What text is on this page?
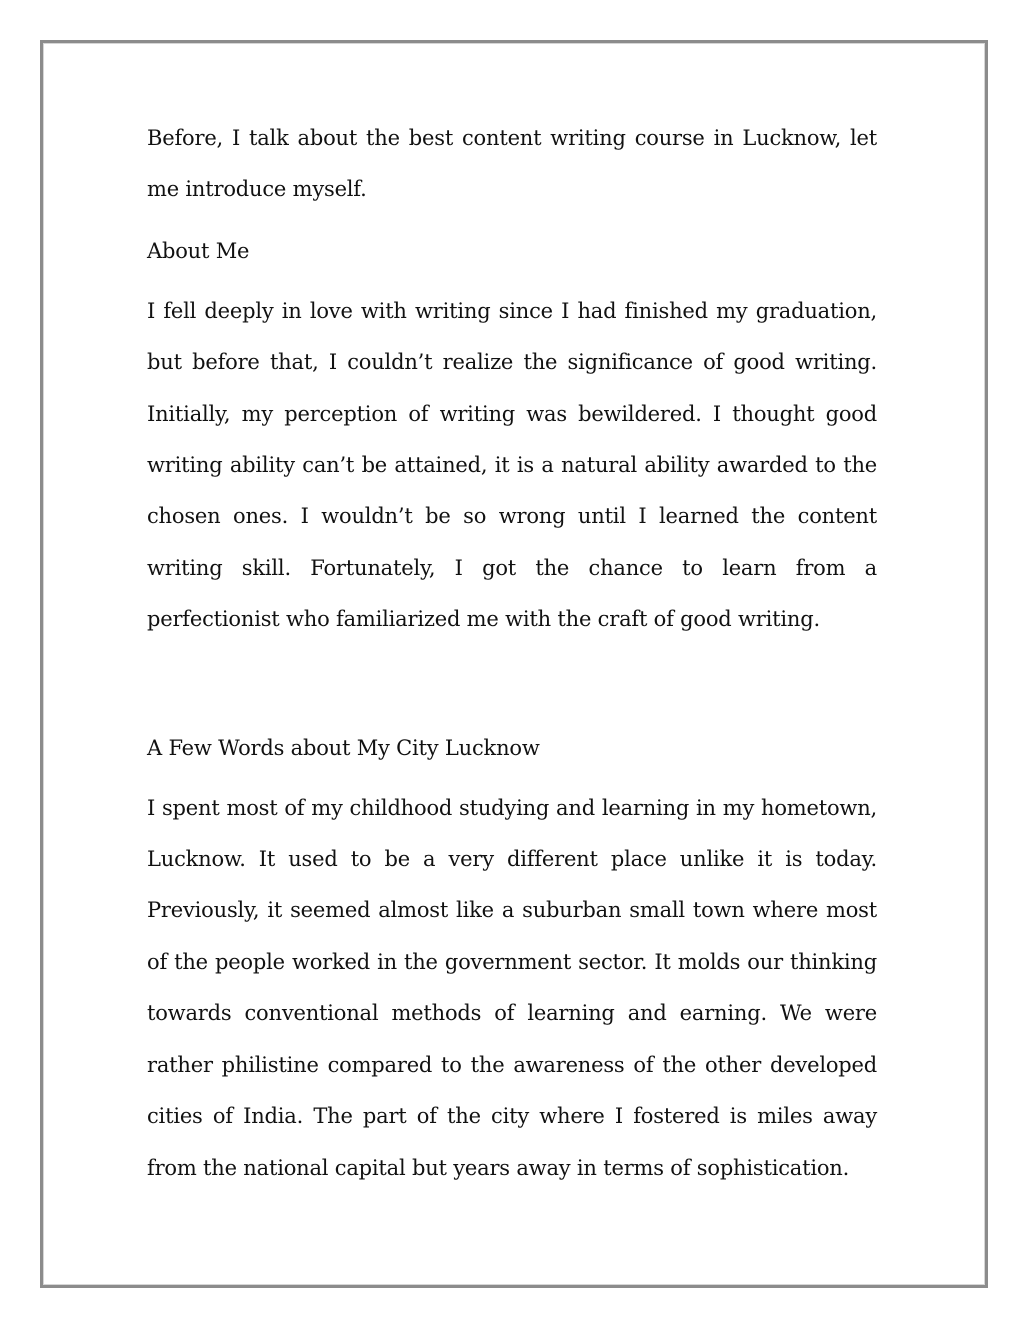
Before, I talk about the best content writing course in Lucknow, let me introduce myself.

About Me

I fell deeply in love with writing since I had finished my graduation, but before that, I couldn’t realize the significance of good writing. Initially, my perception of writing was bewildered. I thought good writing ability can’t be attained, it is a natural ability awarded to the chosen ones. I wouldn’t be so wrong until I learned the content writing skill. Fortunately, I got the chance to learn from a perfectionist who familiarized me with the craft of good writing.

A Few Words about My City Lucknow

I spent most of my childhood studying and learning in my hometown, Lucknow. It used to be a very different place unlike it is today. Previously, it seemed almost like a suburban small town where most of the people worked in the government sector. It molds our thinking towards conventional methods of learning and earning. We were rather philistine compared to the awareness of the other developed cities of India. The part of the city where I fostered is miles away from the national capital but years away in terms of sophistication.
